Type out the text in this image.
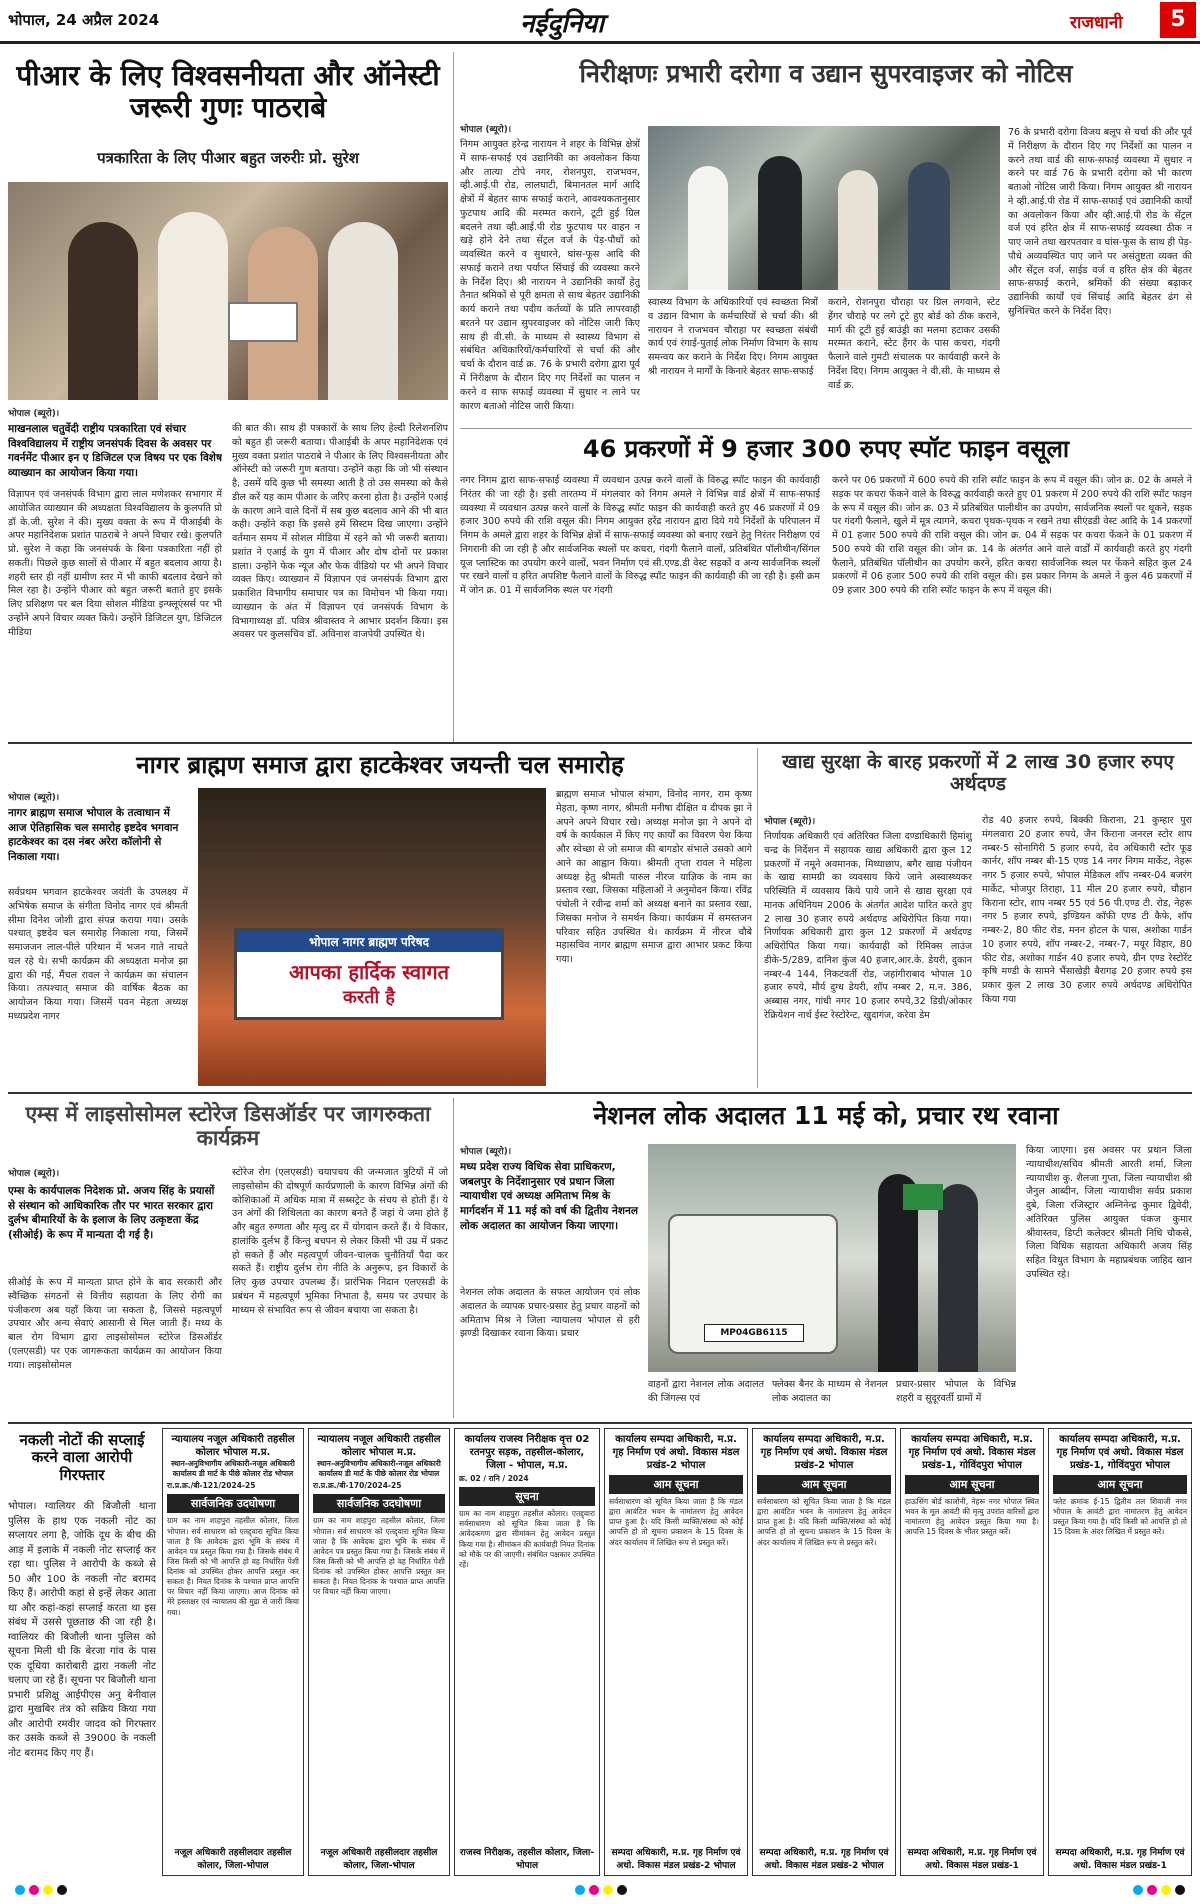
भोपाल, 24 अप्रैल 2024	नईदुनिया	राजधानी	5
पीआर के लिए विश्वसनीयता और ऑनेस्टी जरूरी गुणः पाठराबे
पत्रकारिता के लिए पीआर बहुत जरुरीः प्रो. सुरेश
भोपाल (ब्यूरो)।
माखनलाल चतुर्वेदी राष्ट्रीय पत्रकारिता एवं संचार विश्वविद्यालय में राष्ट्रीय जनसंपर्क दिवस के अवसर पर गवर्नमेंट पीआर इन ए डिजिटल एज विषय पर एक विशेष व्याख्यान का आयोजन किया गया।
विज्ञापन एवं जनसंपर्क विभाग द्वारा लाल मणेशकर सभागार में आयोजित व्याख्यान की अध्यक्षता विश्वविद्यालय के कुलपति प्रो डॉ के.जी. सुरेश ने की। मुख्य वक्ता के रूप में पीआईबी के अपर महानिदेशक प्रशांत पाठराबे ने अपने विचार रखे। कुलपति प्रो. सुरेश ने कहा कि जनसंपर्क के बिना पत्रकारिता नहीं हो सकती। पिछले कुछ सालों से पीआर में बहुत बदलाव आया है। शहरी स्तर ही नहीं ग्रामीण स्तर में भी काफी बदलाव देखने को मिल रहा है। उन्होंने पीआर को बहुत जरूरी बताते हुए इसके लिए प्रशिक्षण पर बल दिया सोशल मीडिया इन्फ्लूएंसर्स पर भी उन्होंने अपने विचार व्यक्त किये। उन्होंने डिजिटल युग, डिजिटल मीडिया
की बात की। साथ ही पत्रकारों के साथ लिए हेल्दी रिलेशनशिप को बहुत ही जरूरी बताया। पीआईबी के अपर महानिदेशक एवं मुख्य वक्ता प्रशांत पाठराबे ने पीआर के लिए विश्वसनीयता और ऑनेस्टी को जरूरी गुण बताया। उन्होंने कहा कि जो भी संस्थान है, उसमें यदि कुछ भी समस्या आती है तो उस समस्या को कैसे डील करें यह काम पीआर के जरिए करना होता है। उन्होंने एआई के कारण आने वाले दिनों में सब कुछ बदलाव आने की भी बात कही। उन्होंने कहा कि इससे हमें सिस्टम दिख जाएगा। उन्होंने वर्तमान समय में सोशल मीडिया में रहने को भी जरूरी बताया। प्रशांत ने एआई के युग में पीआर और दोष दोनों पर प्रकाश डाला। उन्होंने फेक न्यूज और फेक वीडियो पर भी अपने विचार व्यक्त किए। व्याख्यान में विज्ञापन एवं जनसंपर्क विभाग द्वारा प्रकाशित विभागीय समाचार पत्र का विमोचन भी किया गया। व्याख्यान के अंत में विज्ञापन एवं जनसंपर्क विभाग के विभागाध्यक्ष डॉ. पवित्र श्रीवास्तव ने आभार प्रदर्शन किया। इस अवसर पर कुलसचिव डॉ. अविनाश वाजपेयी उपस्थित थे।
निरीक्षणः प्रभारी दरोगा व उद्यान सुपरवाइजर को नोटिस
भोपाल (ब्यूरो)।
निगम आयुक्त हरेन्द्र नारायन ने शहर के विभिन्न क्षेत्रों में साफ-सफाई एवं उद्यानिकी का अवलोकन किया और तात्या टोपे नगर, रोशनपुरा, राजभवन, व्ही.आई.पी रोड, लालघाटी, बिमानतल मार्ग आदि क्षेत्रों में बेहतर साफ सफाई कराने, आवश्यकतानुसार फुटपाथ आदि की मरम्मत कराने, टूटी हुई ग्रिल बदलने तथा व्ही.आई.पी रोड फुटपाथ पर वाहन न खड़े होने देने तथा सेंट्रल वर्ज के पेड़-पौधों को व्यवस्थित करने व सुधारने, घांस-फूस आदि की सफाई कराने तथा पर्याप्त सिंचाई की व्यवस्था करने के निर्देश दिए। श्री नारायन ने उद्यानिकी कार्यों हेतु तैनात श्रमिकों से पूरी क्षमता से साथ बेहतर उद्यानिकी कार्य कराने तथा पदीय कर्तव्यों के प्रति लापरवाही बरतने पर उद्यान सुपरवाइजर को नोटिस जारी किए साथ ही वी.सी. के माध्यम से स्वास्थ्य विभाग से संबंधित अधिकारियों/कर्मचारियों से चर्चा की और चर्चा के दौरान वार्ड क्र. 76 के प्रभारी दरोगा द्वारा पूर्व में निरीक्षण के दौरान दिए गए निर्देशों का पालन न करने व साफ सफाई व्यवस्था में सुधार न लाने पर कारण बताओ नोटिस जारी किया।
स्वास्थ्य विभाग के अधिकारियों एवं स्वच्छता मित्रों व उद्यान विभाग के कर्मचारियों से चर्चा की। श्री नारायन ने राजभवन चौराहा पर स्वच्छता संबंधी कार्य एवं रंगाई-पुताई लोक निर्माण विभाग के साथ समन्वय कर कराने के निर्देश दिए। निगम आयुक्त श्री नारायन ने मार्गों के किनारे बेहतर साफ-सफाई
कराने, रोशनपुरा चौराहा पर ग्रिल लगवाने, स्टेट हेंगर चौराहे पर लगे टूटे हुए बोर्ड को ठीक कराने, मार्ग की टूटी हुई बाउंड्री का मलमा हटाकर उसकी मरम्मत कराने, स्टेट हैंगर के पास कचरा, गंदगी फैलाने वाले गुमटी संचालक पर कार्यवाही करने के निर्देश दिए। निगम आयुक्त ने वी.सी. के माध्यम से वार्ड क्र.
76 के प्रभारी दरोगा विजय बलूप से चर्चा की और पूर्व में निरीक्षण के दौरान दिए गए निर्देशों का पालन न करने तथा वार्ड की साफ-सफाई व्यवस्था में सुधार न करने पर वार्ड 76 के प्रभारी दरोगा को भी कारण बताओ नोटिस जारी किया। निगम आयुक्त श्री नारायन ने व्ही.आई.पी रोड में साफ-सफाई एवं उद्यानिकी कार्यों का अवलोकन किया और व्ही.आई.पी रोड के सेंट्रल वर्ज एवं हरित क्षेत्र में साफ-सफाई व्यवस्था ठीक न पाए जाने तथा खरपतवार व घांस-फूस के साथ ही पेड़-पौधे अव्यवस्थित पाए जाने पर असंतुष्टता व्यक्त की और सेंट्रल वर्ज, साईड वर्ज व हरित क्षेत्र की बेहतर साफ-सफाई कराने, श्रमिकों की संख्या बढ़ाकर उद्यानिकी कार्यों एवं सिंचाई आदि बेहतर ढंग से सुनिश्चित करने के निर्देश दिए।
46 प्रकरणों में 9 हजार 300 रुपए स्पॉट फाइन वसूला
नगर निगम द्वारा साफ-सफाई व्यवस्था में व्यवधान उत्पन्न करने वालों के विरुद्ध स्पॉट फाइन की कार्यवाही निरंतर की जा रही है। इसी तारतम्य में मंगलवार को निगम अमले ने विभिन्न वार्ड क्षेत्रों में साफ-सफाई व्यवस्था में व्यवधान उत्पन्न करने वालों के विरुद्ध स्पॉट फाइन की कार्यवाही करते हुए 46 प्रकरणों में 09 हजार 300 रुपये की राशि वसूल की। निगम आयुक्त हरेंद्र नारायन द्वारा दिये गये निर्देशों के परिपालन में निगम के अमले द्वारा शहर के विभिन्न क्षेत्रों में साफ-सफाई व्यवस्था को बनाए रखने हेतु निरंतर निरीक्षण एवं निगरानी की जा रही है और सार्वजनिक स्थलों पर कचरा, गंदगी फैलाने वालों, प्रतिबंधित पॉलीथीन/सिंगल यूज प्लास्टिक का उपयोग करने वालों, भवन निर्माण एवं सी.एण्ड.डी वेस्ट सड़कों व अन्य सार्वजनिक स्थलों पर रखने वालों व हरित अपशिष्ट फैलाने वालों के विरुद्ध स्पॉट फाइन की कार्यवाही की जा रही है। इसी क्रम में जोन क्र. 01 में सार्वजनिक स्थल पर गंदगी
करने पर 06 प्रकरणों में 600 रुपये की राशि स्पॉट फाइन के रूप में वसूल की। जोन क्र. 02 के अमले ने सड़क पर कचरा फेंकने वाले के विरुद्ध कार्यवाही करते हुए 01 प्रकरण में 200 रुपये की राशि स्पॉट फाइन के रूप में वसूल की। जोन क्र. 03 में प्रतिबंधित पालीथीन का उपयोग, सार्वजनिक स्थलों पर थूकने, सड़क पर गंदगी फैलाने, खुले में मूत्र त्यागने, कचरा पृथक-पृथक न रखने तथा सीएंडडी वेस्ट आदि के 14 प्रकरणों में 01 हजार 500 रुपये की राशि वसूल की। जोन क्र. 04 में सड़क पर कचरा फेंकने के 01 प्रकरण में 500 रुपये की राशि वसूल की। जोन क्र. 14 के अंतर्गत आने वाले वार्डों में कार्यवाही करते हुए गंदगी फैलाने, प्रतिबंधित पॉलीथीन का उपयोग करने, हरित कचरा सार्वजनिक स्थल पर फेंकने सहित कुल 24 प्रकरणों में 06 हजार 500 रुपये की राशि वसूल की। इस प्रकार निगम के अमले ने कुल 46 प्रकरणों में 09 हजार 300 रुपये की राशि स्पॉट फाइन के रूप में वसूल की।
नागर ब्राह्मण समाज द्वारा हाटकेश्वर जयन्ती चल समारोह
भोपाल (ब्यूरो)।
नागर ब्राह्मण समाज भोपाल के तत्वाधान में आज ऐतिहासिक चल समारोह इष्टदेव भगवान हाटकेश्वर का दस नंबर अरेरा कॉलोनी से निकाला गया।
सर्वप्रथम भगवान हाटकेश्वर जयंती के उपलक्ष्य में अभिषेक समाज के संगीता विनोद नागर एवं श्रीमती सीमा दिनेश जोशी द्वारा संपन्न कराया गया। उसके पश्चात् इष्टदेव चल समारोह निकाला गया, जिसमें समाजजन लाल-पीले परिधान में भजन गाते नाचते चल रहे थे। सभी कार्यक्रम की अध्यक्षता मनोज झा द्वारा की गई, मैंचल रावल ने कार्यक्रम का संचालन किया। तत्पश्चात् समाज की वार्षिक बैठक का आयोजन किया गया। जिसमें पवन मेहता अध्यक्ष मध्यप्रदेश नागर
भोपाल नागर ब्राह्मण परिषद
आपका हार्दिक स्वागत
करती है
ब्राह्मण समाज भोपाल संभाग, विनोद नागर, राम कृष्ण मेहता, कृष्ण नागर, श्रीमती मनीषा दीक्षित व दीपक झा ने अपने अपने विचार रखे। अध्यक्ष मनोज झा ने अपने दो वर्ष के कार्यकाल में किए गए कार्यों का विवरण पेश किया और स्वेच्छा से जो समाज की बागडोर संभाले उसको आगे आने का आह्वान किया। श्रीमती तृप्ता रावल ने महिला अध्यक्ष हेतु श्रीमती पारुल नीरज याज्ञिक के नाम का प्रस्ताव रखा, जिसका महिलाओं ने अनुमोदन किया। रविंद्र पंचोली ने रवीन्द्र शर्मा को अध्यक्ष बनाने का प्रस्ताव रखा, जिसका मनोज ने समर्थन किया। कार्यक्रम में समस्तजन परिवार सहित उपस्थित थे। कार्यक्रम में नीरज चौबे महासचिव नागर ब्राह्मण समाज द्वारा आभार प्रकट किया गया।
खाद्य सुरक्षा के बारह प्रकरणों में 2 लाख 30 हजार रुपए अर्थदण्ड
भोपाल (ब्यूरो)।
निर्णायक अधिकारी एवं अतिरिक्त जिला दण्डाधिकारी हिमांशु चन्द्र के निर्देशन में सहायक खाद्य अधिकारी द्वारा कुल 12 प्रकरणों में नमूने अवमानक, मिथ्याछाप, बगैर खाद्य पंजीयन के खाद्य सामग्री का व्यवसाय किये जाने अस्वास्थ्यकर परिस्थिति में व्यवसाय किये पाये जाने से खाद्य सुरक्षा एवं मानक अधिनियम 2006 के अंतर्गत आदेश पारित करते हुए 2 लाख 30 हजार रुपये अर्थदण्ड अधिरोपित किया गया। निर्णायक अधिकारी द्वारा कुल 12 प्रकरणों में अर्थदण्ड अधिरोपित किया गया। कार्यवाही को रिमिक्स लाउंज डीके-5/289, दानिश कुंज 40 हजार,आर.के. डेयरी, दुकान नम्बर-4 144, निकटवर्ती रोड, जहांगीराबाद भोपाल 10 हजार रुपये, मौर्य दुग्ध डेयरी, शॉप नम्बर 2, म.न. 386, अब्बास नगर, गांधी नगर 10 हजार रुपये,32 डिग्री/ओकार रेक्रियेशन नार्थ ईस्ट रेस्टोरेन्ट, खुदागंज, करेवा डेम
रोड 40 हजार रुपये, बिक्की किराना, 21 कुम्हार पुरा मंगलवारा 20 हजार रुपये, जैन किराना जनरल स्टोर शाप नम्बर-5 सोनागिरी 5 हजार रुपये, देव अधिकारी स्टोर फूड कार्नर, शॉप नम्बर बी-15 एण्ड 14 नगर निगम मार्केट, नेहरू नगर 5 हजार रुपये, भोपाल मेडिकल शॉप नम्बर-04 बजरंग मार्केट, भोजपुर तिराहा, 11 मील 20 हजार रुपये, चौहान किराना स्टोर, शाप नम्बर 55 एवं 56 पी.एण्ड टी. रोड, नेहरू नगर 5 हजार रुपये, इण्डियन कॉफी एण्ड टी कैफे, शॉप नम्बर-2, 80 फीट रोड, मनन होटल के पास, अशोका गार्डन 10 हजार रुपये, शॉप नम्बर-2, नम्बर-7, मयूर विहार, 80 फीट रोड, अशोका गार्डन 40 हजार रुपये, ग्रीन एण्ड रेस्टोरेंट कृषि मण्डी के सामने भैंसाखेड़ी बैरागढ़ 20 हजार रुपये इस प्रकार कुल 2 लाख 30 हजार रुपये अर्थदण्ड अधिरोपित किया गया
एम्स में लाइसोसोमल स्टोरेज डिसऑर्डर पर जागरुकता कार्यक्रम
भोपाल (ब्यूरो)।
एम्स के कार्यपालक निदेशक प्रो. अजय सिंह के प्रयासों से संस्थान को आधिकारिक तौर पर भारत सरकार द्वारा दुर्लभ बीमारियों के के इलाज के लिए उत्कृष्टता केंद्र (सीओई) के रूप में मान्यता दी गई है।
सीओई के रूप में मान्यता प्राप्त होने के बाद सरकारी और स्वैच्छिक संगठनों से वित्तीय सहायता के लिए रोगी का पंजीकरण अब यहाँ किया जा सकता है, जिससे महत्वपूर्ण उपचार और अन्य सेवाएं आसानी से मिल जाती हैं। मध्य के बाल रोग विभाग द्वारा लाइसोसोमल स्टोरेज डिसऑर्डर (एलएसडी) पर एक जागरूकता कार्यक्रम का आयोजन किया गया। लाइसोसोमल
स्टोरेज रोग (एलएसडी) चयापचय की जन्मजात त्रुटियों में जो लाइसोसोम की दोषपूर्ण कार्यप्रणाली के कारण विभिन्न अंगों की कोशिकाओं में अधिक मात्रा में सब्सट्रेट के संचय से होती हैं। ये उन अंगों की शिथिलता का कारण बनते हैं जहां ये जमा होते हैं और बहुत रुग्णता और मृत्यु दर में योगदान करते हैं। ये विकार, हालांकि दुर्लभ हैं किन्तु बचपन से लेकर किसी भी उम्र में प्रकट हो सकते हैं और महत्वपूर्ण जीवन-चालक चुनौतियाँ पैदा कर सकते हैं। राष्ट्रीय दुर्लभ रोग नीति के अनुरूप, इन विकारों के लिए कुछ उपचार उपलब्ध हैं। प्रारंभिक निदान एलएसडी के प्रबंधन में महत्वपूर्ण भूमिका निभाता है, समय पर उपचार के माध्यम से संभावित रूप से जीवन बचाया जा सकता है।
नेशनल लोक अदालत 11 मई को, प्रचार रथ रवाना
भोपाल (ब्यूरो)।
मध्य प्रदेश राज्य विधिक सेवा प्राधिकरण, जबलपुर के निर्देशानुसार एवं प्रधान जिला न्यायाधीश एवं अध्यक्ष अमिताभ मिश्र के मार्गदर्शन में 11 मई को वर्ष की द्वितीय नेशनल लोक अदालत का आयोजन किया जाएगा।
नेशनल लोक अदालत के सफल आयोजन एवं लोक अदालत के व्यापक प्रचार-प्रसार हेतु प्रचार वाहनों को अमिताभ मिश्र ने जिला न्यायालय भोपाल से हरी झण्डी दिखाकर रवाना किया। प्रचार	MP04GB6115
वाहनों द्वारा नेशनल लोक अदालत की जिंगल्स एवं
फ्लेक्स बैनर के माध्यम से नेशनल लोक अदालत का
प्रचार-प्रसार भोपाल के विभिन्न शहरी व सुदूरवर्ती ग्रामों में
किया जाएगा। इस अवसर पर प्रधान जिला न्यायाधीश/सचिव श्रीमती आरती शर्मा, जिला न्यायाधीश कु. शैलजा गुप्ता, जिला न्यायाधीश श्री जैनुल आब्दीन, जिला न्यायाधीश सर्वप्र प्रकाश दुबे, जिला रजिस्ट्रार अम्निनेन्द्र कुमार द्विवेदी, अतिरिक्त पुलिस आयुक्त पंकज कुमार श्रीवास्तव, डिप्टी कलेक्टर श्रीमती निधि चौकसे, जिला विधिक सहायता अधिकारी अजय सिंह सहित विधुत विभाग के महाप्रबंधक जाहिद खान उपस्थित रहे।
नकली नोटों की सप्लाई करने वाला आरोपी गिरफ्तार
भोपाल। ग्वालियर की बिजौली थाना पुलिस के हाथ एक नकली नोट का सप्लायर लगा है, जोकि दूध के बीच की आड़ में इलाके में नकली नोट सप्लाई कर रहा था। पुलिस ने आरोपी के कब्जे से 50 और 100 के नकली नोट बरामद किए हैं। आरोपी कहां से इन्हें लेकर आता था और कहां-कहां सप्लाई करता था इस संबंध में उससे पूछताछ की जा रही है। ग्वालियर की बिजौली थाना पुलिस को सूचना मिली थी कि बेरजा गांव के पास एक दूधिया कारोबारी द्वारा नकली नोट चलाए जा रहे हैं। सूचना पर बिजौली थाना प्रभारी प्रशिक्षु आईपीएस अनु बेनीवाल द्वारा मुखबिर तंत्र को सक्रिय किया गया और आरोपी रमवीर जादव को गिरफ्तार कर उसके कब्जे से 39000 के नकली नोट बरामद किए गए हैं।
न्यायालय नजूल अधिकारी तहसील कोलार भोपाल म.प्र.
स्थान-अनुविभागीय अधिकारी-नजूल अधिकारी कार्यालय डी मार्ट के पीछे कोलार रोड भोपाल
रा.प्र.क्र./बी-121/2024-25
सार्वजनिक उदघोषणा
ग्राम का नाम शाहपुरा तहसील कोलार, जिला भोपाल। सर्व साधारण को एतद्द्वारा सूचित किया जाता है कि आवेदक द्वारा भूमि के संबंध में आवेदन पत्र प्रस्तुत किया गया है। जिसके संबंध में जिस किसी को भी आपत्ति हो वह निर्धारित पेशी दिनांक को उपस्थित होकर आपत्ति प्रस्तुत कर सकता है। नियत दिनांक के पश्चात प्राप्त आपत्ति पर विचार नहीं किया जाएगा। आज दिनांक को मेरे हस्ताक्षर एवं न्यायालय की मुद्रा से जारी किया गया।
नजूल अधिकारी तहसीलदार तहसील कोलार, जिला-भोपाल
न्यायालय नजूल अधिकारी तहसील कोलार भोपाल म.प्र.
स्थान-अनुविभागीय अधिकारी-नजूल अधिकारी कार्यालय डी मार्ट के पीछे कोलार रोड भोपाल
रा.प्र.क्र./बी-170/2024-25
सार्वजनिक उदघोषणा
ग्राम का नाम शाहपुरा तहसील कोलार, जिला भोपाल। सर्व साधारण को एतद्द्वारा सूचित किया जाता है कि आवेदक द्वारा भूमि के संबंध में आवेदन पत्र प्रस्तुत किया गया है। जिसके संबंध में जिस किसी को भी आपत्ति हो वह निर्धारित पेशी दिनांक को उपस्थित होकर आपत्ति प्रस्तुत कर सकता है। नियत दिनांक के पश्चात प्राप्त आपत्ति पर विचार नहीं किया जाएगा।
नजूल अधिकारी तहसीलदार तहसील कोलार, जिला-भोपाल
कार्यालय राजस्व निरीक्षक वृत्त 02 रतनपुर सड़क, तहसील-कोलार, जिला - भोपाल, म.प्र.
क्र. 02 / रानि / 2024
सूचना
ग्राम का नाम शाहपुरा तहसील कोलार। एतद्द्वारा सर्वसाधारण को सूचित किया जाता है कि आवेदकगण द्वारा सीमांकन हेतु आवेदन प्रस्तुत किया गया है। सीमांकन की कार्यवाही नियत दिनांक को मौके पर की जाएगी। संबंधित पक्षकार उपस्थित रहें।
राजस्व निरीक्षक, तहसील कोलार, जिला-भोपाल
कार्यालय सम्पदा अधिकारी, म.प्र. गृह निर्माण एवं अधो. विकास मंडल प्रखंड-2 भोपाल
आम सूचना
सर्वसाधारण को सूचित किया जाता है कि मंडल द्वारा आवंटित भवन के नामांतरण हेतु आवेदन प्राप्त हुआ है। यदि किसी व्यक्ति/संस्था को कोई आपत्ति हो तो सूचना प्रकाशन के 15 दिवस के अंदर कार्यालय में लिखित रूप से प्रस्तुत करें।
सम्पदा अधिकारी, म.प्र. गृह निर्माण एवं अधो. विकास मंडल प्रखंड-2 भोपाल
कार्यालय सम्पदा अधिकारी, म.प्र. गृह निर्माण एवं अधो. विकास मंडल प्रखंड-2 भोपाल
आम सूचना
सर्वसाधारण को सूचित किया जाता है कि मंडल द्वारा आवंटित भवन के नामांतरण हेतु आवेदन प्राप्त हुआ है। यदि किसी व्यक्ति/संस्था को कोई आपत्ति हो तो सूचना प्रकाशन के 15 दिवस के अंदर कार्यालय में लिखित रूप से प्रस्तुत करें।
सम्पदा अधिकारी, म.प्र. गृह निर्माण एवं अधो. विकास मंडल प्रखंड-2 भोपाल
कार्यालय सम्पदा अधिकारी, म.प्र. गृह निर्माण एवं अधो. विकास मंडल प्रखंड-1, गोविंदपुरा भोपाल
आम सूचना
हाऊसिंग बोर्ड कालोनी, नेहरू नगर भोपाल स्थित भवन के मूल आवंटी की मृत्यु उपरांत वारिसों द्वारा नामांतरण हेतु आवेदन प्रस्तुत किया गया है। आपत्ति 15 दिवस के भीतर प्रस्तुत करें।
सम्पदा अधिकारी, म.प्र. गृह निर्माण एवं अधो. विकास मंडल प्रखंड-1
कार्यालय सम्पदा अधिकारी, म.प्र. गृह निर्माण एवं अधो. विकास मंडल प्रखंड-1, गोविंदपुरा भोपाल
आम सूचना
फ्लेट क्रमांक ई-15 द्वितीय तल शिवाजी नगर भोपाल के आवंटी द्वारा नामांतरण हेतु आवेदन प्रस्तुत किया गया है। यदि किसी को आपत्ति हो तो 15 दिवस के अंदर लिखित में प्रस्तुत करें।
सम्पदा अधिकारी, म.प्र. गृह निर्माण एवं अधो. विकास मंडल प्रखंड-1
